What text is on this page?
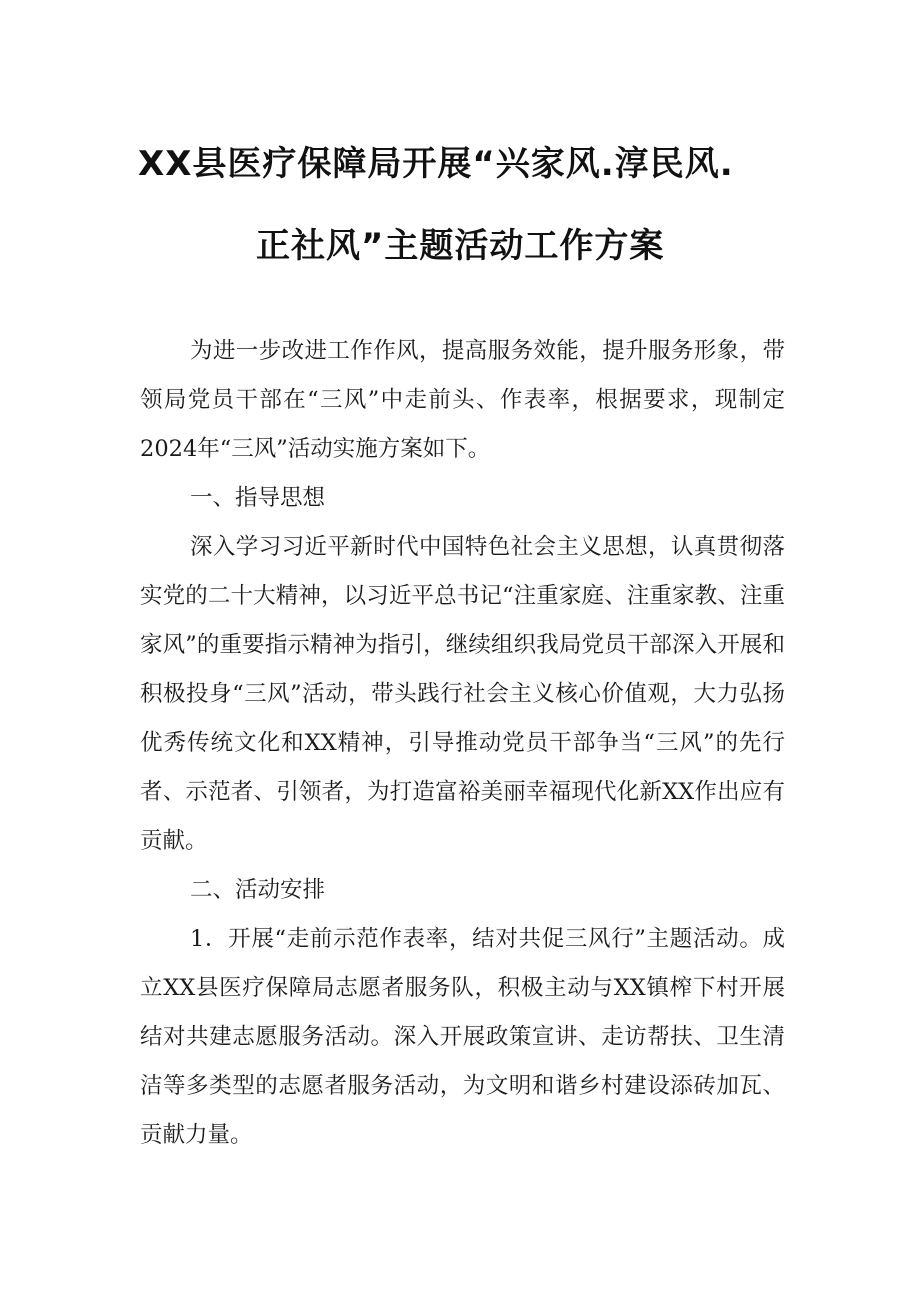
XX县医疗保障局开展“兴家风.淳民风.
正社风”主题活动工作方案

为进一步改进工作作风，提高服务效能，提升服务形象，带领局党员干部在“三风”中走前头、作表率，根据要求，现制定2024年“三风”活动实施方案如下。

一、指导思想

深入学习习近平新时代中国特色社会主义思想，认真贯彻落实党的二十大精神，以习近平总书记“注重家庭、注重家教、注重家风”的重要指示精神为指引，继续组织我局党员干部深入开展和积极投身“三风”活动，带头践行社会主义核心价值观，大力弘扬优秀传统文化和XX精神，引导推动党员干部争当“三风”的先行者、示范者、引领者，为打造富裕美丽幸福现代化新XX作出应有贡献。

二、活动安排

1．开展“走前示范作表率，结对共促三风行”主题活动。成立XX县医疗保障局志愿者服务队，积极主动与XX镇榨下村开展结对共建志愿服务活动。深入开展政策宣讲、走访帮扶、卫生清洁等多类型的志愿者服务活动，为文明和谐乡村建设添砖加瓦、贡献力量。
